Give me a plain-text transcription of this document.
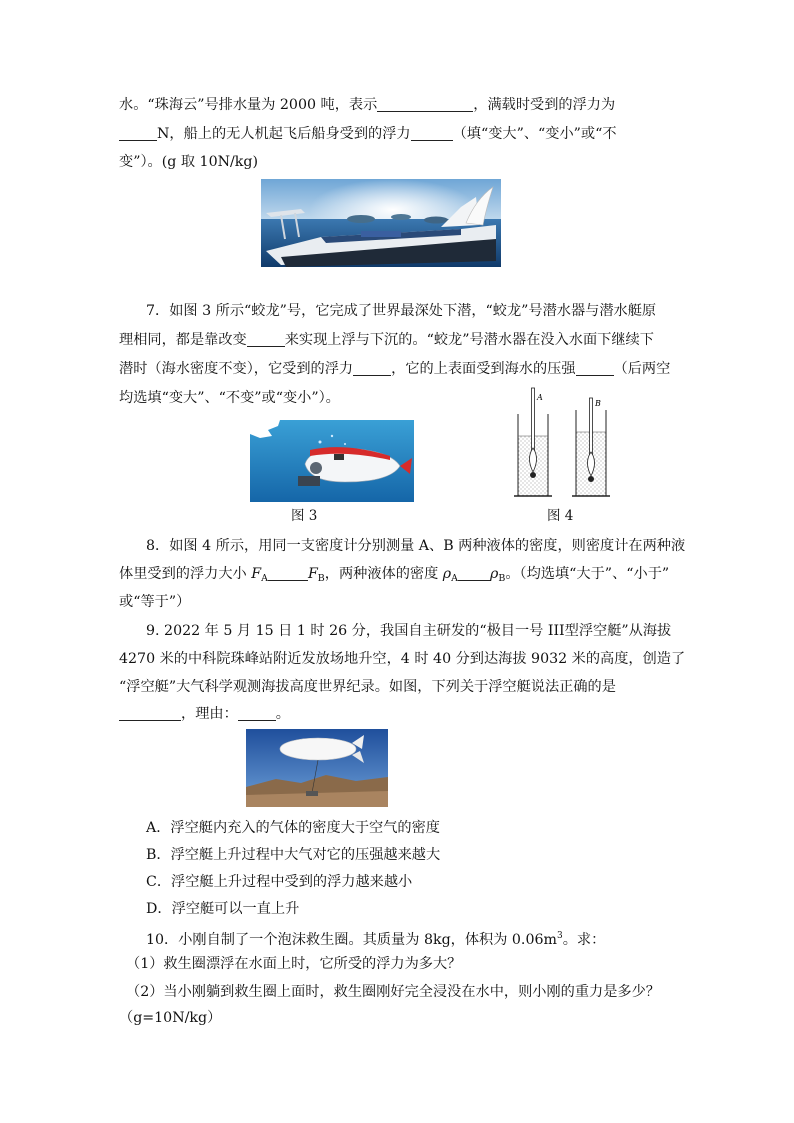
水。“珠海云”号排水量为 2000 吨，表示	，满载时受到的浮力为
N，船上的无人机起飞后船身受到的浮力	（填“变大”、“变小”或“不
变”）。(g 取 10N/kg)
7．如图 3 所示“蛟龙”号，它完成了世界最深处下潜，“蛟龙”号潜水器与潜水艇原
理相同，都是靠改变	来实现上浮与下沉的。“蛟龙”号潜水器在没入水面下继续下
潜时（海水密度不变），它受到的浮力	，它的上表面受到海水的压强	（后两空
均选填“变大”、“不变”或“变小”）。
图 3
A
B
图 4
8．如图 4 所示，用同一支密度计分别测量 A、B 两种液体的密度，则密度计在两种液
体里受到的浮力大小 $F_A$	$F_B$，两种液体的密度 $\rho_A$ $\rho_B$。（均选填“大于”、“小于”
或“等于”）
9. 2022 年 5 月 15 日 1 时 26 分，我国自主研发的“极目一号 III型浮空艇”从海拔
4270 米的中科院珠峰站附近发放场地升空，4 时 40 分到达海拔 9032 米的高度，创造了
“浮空艇”大气科学观测海拔高度世界纪录。如图，下列关于浮空艇说法正确的是
，理由：	。
A．浮空艇内充入的气体的密度大于空气的密度
B．浮空艇上升过程中大气对它的压强越来越大
C．浮空艇上升过程中受到的浮力越来越小
D．浮空艇可以一直上升
10．小刚自制了一个泡沫救生圈。其质量为 8kg，体积为 $0.06m^3$。求：
（1）救生圈漂浮在水面上时，它所受的浮力为多大？
（2）当小刚躺到救生圈上面时，救生圈刚好完全浸没在水中，则小刚的重力是多少？
（g=10N/kg）
